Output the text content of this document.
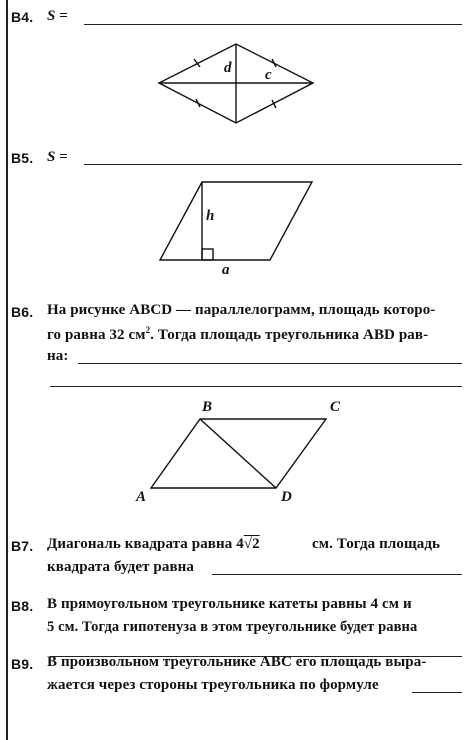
B4. S =
d c
B5. S =
h
a
B6. На рисунке ABCD — параллелограмм, площадь которо-
го равна 32 $см^2$. Тогда площадь треугольника ABD рав-
на:
B	C
A	D
B7. Диагональ квадрата равна 4√2	см. Тогда площадь
квадрата будет равна
B8. В прямоугольном треугольнике катеты равны 4 см и
5 см. Тогда гипотенуза в этом треугольнике будет равна
B9. В произвольном треугольнике ABC его площадь выра-
жается через стороны треугольника по формуле
